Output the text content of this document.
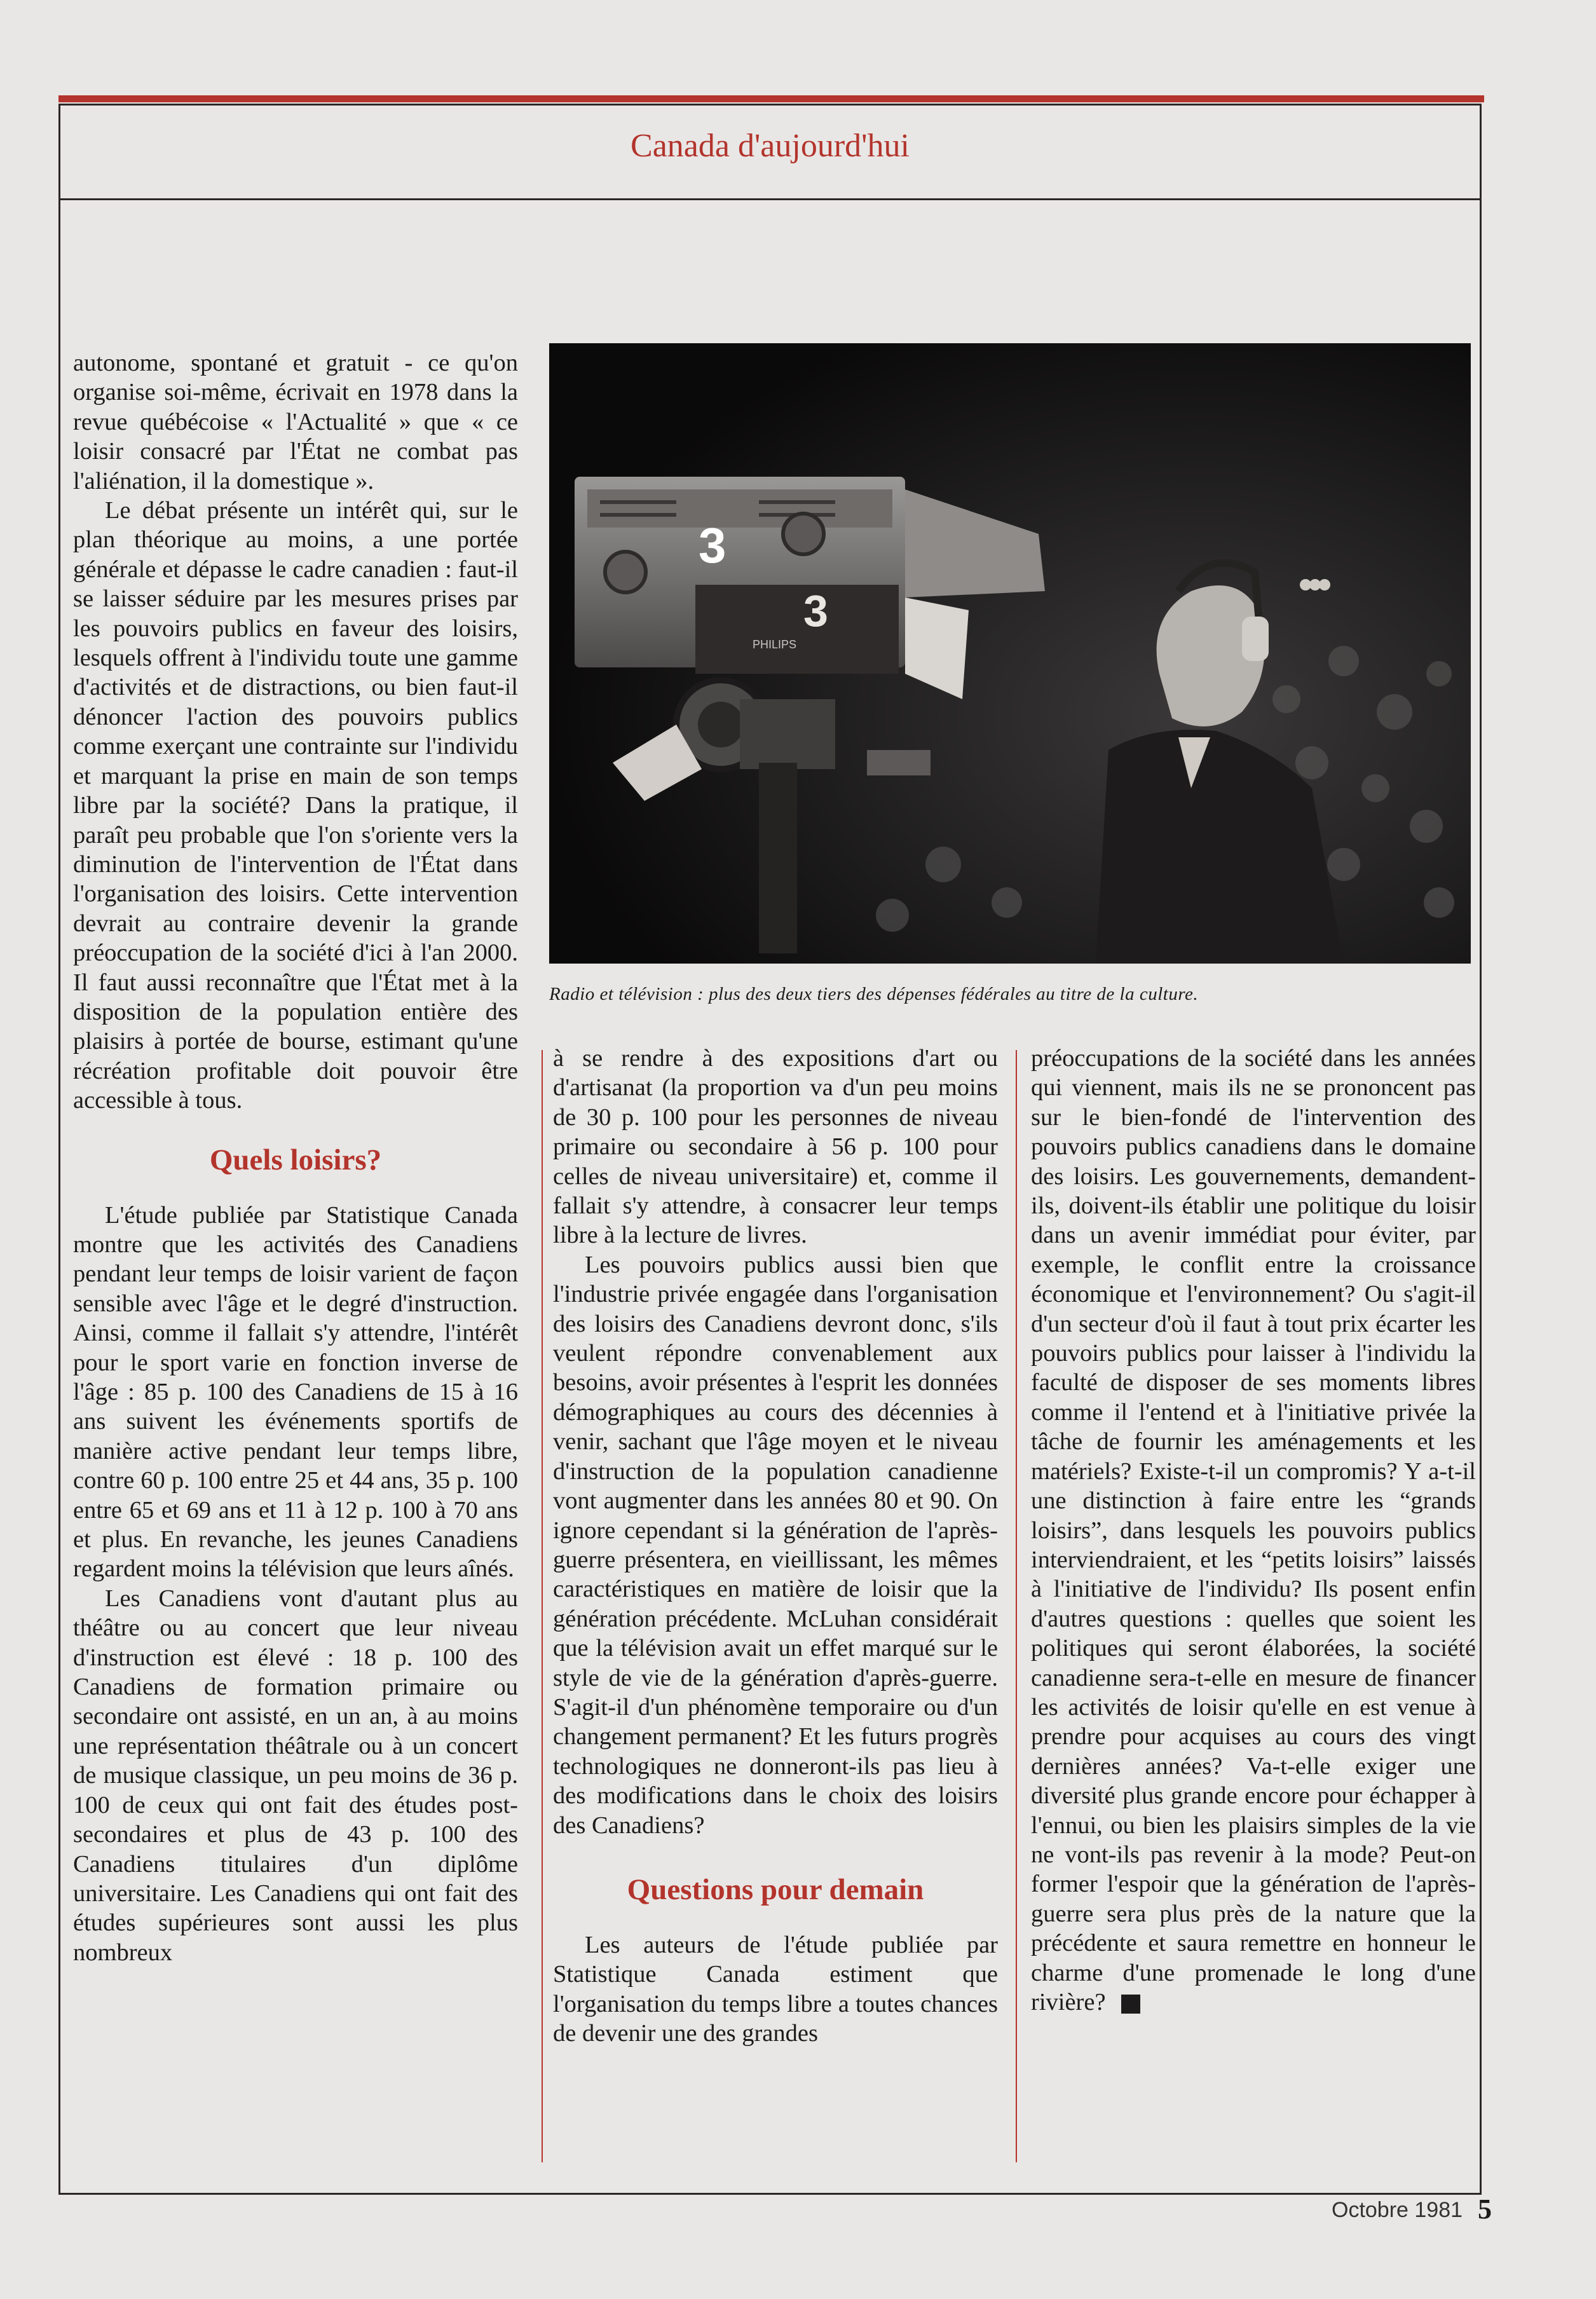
Canada d'aujourd'hui

autonome, spontané et gratuit - ce qu'on organise soi-même, écrivait en 1978 dans la revue québécoise « l'Actualité » que « ce loisir consacré par l'État ne combat pas l'aliénation, il la domestique ».

Le débat présente un intérêt qui, sur le plan théorique au moins, a une portée générale et dépasse le cadre canadien : faut-il se laisser séduire par les mesures prises par les pouvoirs publics en faveur des loisirs, lesquels offrent à l'individu toute une gamme d'activités et de distractions, ou bien faut-il dénoncer l'action des pouvoirs publics comme exerçant une contrainte sur l'individu et marquant la prise en main de son temps libre par la société? Dans la pratique, il paraît peu probable que l'on s'oriente vers la diminution de l'intervention de l'État dans l'organisation des loisirs. Cette intervention devrait au contraire devenir la grande préoccupation de la société d'ici à l'an 2000. Il faut aussi reconnaître que l'État met à la disposition de la population entière des plaisirs à portée de bourse, estimant qu'une récréation profitable doit pouvoir être accessible à tous.

Quels loisirs?

L'étude publiée par Statistique Canada montre que les activités des Canadiens pendant leur temps de loisir varient de façon sensible avec l'âge et le degré d'instruction. Ainsi, comme il fallait s'y attendre, l'intérêt pour le sport varie en fonction inverse de l'âge : 85 p. 100 des Canadiens de 15 à 16 ans suivent les événements sportifs de manière active pendant leur temps libre, contre 60 p. 100 entre 25 et 44 ans, 35 p. 100 entre 65 et 69 ans et 11 à 12 p. 100 à 70 ans et plus. En revanche, les jeunes Canadiens regardent moins la télévision que leurs aînés.

Les Canadiens vont d'autant plus au théâtre ou au concert que leur niveau d'instruction est élevé : 18 p. 100 des Canadiens de formation primaire ou secondaire ont assisté, en un an, à au moins une représentation théâtrale ou à un concert de musique classique, un peu moins de 36 p. 100 de ceux qui ont fait des études post-secondaires et plus de 43 p. 100 des Canadiens titulaires d'un diplôme universitaire. Les Canadiens qui ont fait des études supérieures sont aussi les plus nombreux

3
3
PHILIPS
Radio et télévision : plus des deux tiers des dépenses fédérales au titre de la culture.

à se rendre à des expositions d'art ou d'artisanat (la proportion va d'un peu moins de 30 p. 100 pour les personnes de niveau primaire ou secondaire à 56 p. 100 pour celles de niveau universitaire) et, comme il fallait s'y attendre, à consacrer leur temps libre à la lecture de livres.

Les pouvoirs publics aussi bien que l'industrie privée engagée dans l'organisation des loisirs des Canadiens devront donc, s'ils veulent répondre convenablement aux besoins, avoir présentes à l'esprit les données démographiques au cours des décennies à venir, sachant que l'âge moyen et le niveau d'instruction de la population canadienne vont augmenter dans les années 80 et 90. On ignore cependant si la génération de l'après-guerre présentera, en vieillissant, les mêmes caractéristiques en matière de loisir que la génération précédente. McLuhan considérait que la télévision avait un effet marqué sur le style de vie de la génération d'après-guerre. S'agit-il d'un phénomène temporaire ou d'un changement permanent? Et les futurs progrès technologiques ne donneront-ils pas lieu à des modifications dans le choix des loisirs des Canadiens?

Questions pour demain

Les auteurs de l'étude publiée par Statistique Canada estiment que l'organisation du temps libre a toutes chances de devenir une des grandes

préoccupations de la société dans les années qui viennent, mais ils ne se prononcent pas sur le bien-fondé de l'intervention des pouvoirs publics canadiens dans le domaine des loisirs. Les gouvernements, demandent-ils, doivent-ils établir une politique du loisir dans un avenir immédiat pour éviter, par exemple, le conflit entre la croissance économique et l'environnement? Ou s'agit-il d'un secteur d'où il faut à tout prix écarter les pouvoirs publics pour laisser à l'individu la faculté de disposer de ses moments libres comme il l'entend et à l'initiative privée la tâche de fournir les aménagements et les matériels? Existe-t-il un compromis? Y a-t-il une distinction à faire entre les “grands loisirs”, dans lesquels les pouvoirs publics interviendraient, et les “petits loisirs” laissés à l'initiative de l'individu? Ils posent enfin d'autres questions : quelles que soient les politiques qui seront élaborées, la société canadienne sera-t-elle en mesure de financer les activités de loisir qu'elle en est venue à prendre pour acquises au cours des vingt dernières années? Va-t-elle exiger une diversité plus grande encore pour échapper à l'ennui, ou bien les plaisirs simples de la vie ne vont-ils pas revenir à la mode? Peut-on former l'espoir que la génération de l'après-guerre sera plus près de la nature que la précédente et saura remettre en honneur le charme d'une promenade le long d'une rivière?

Octobre 1981 5
